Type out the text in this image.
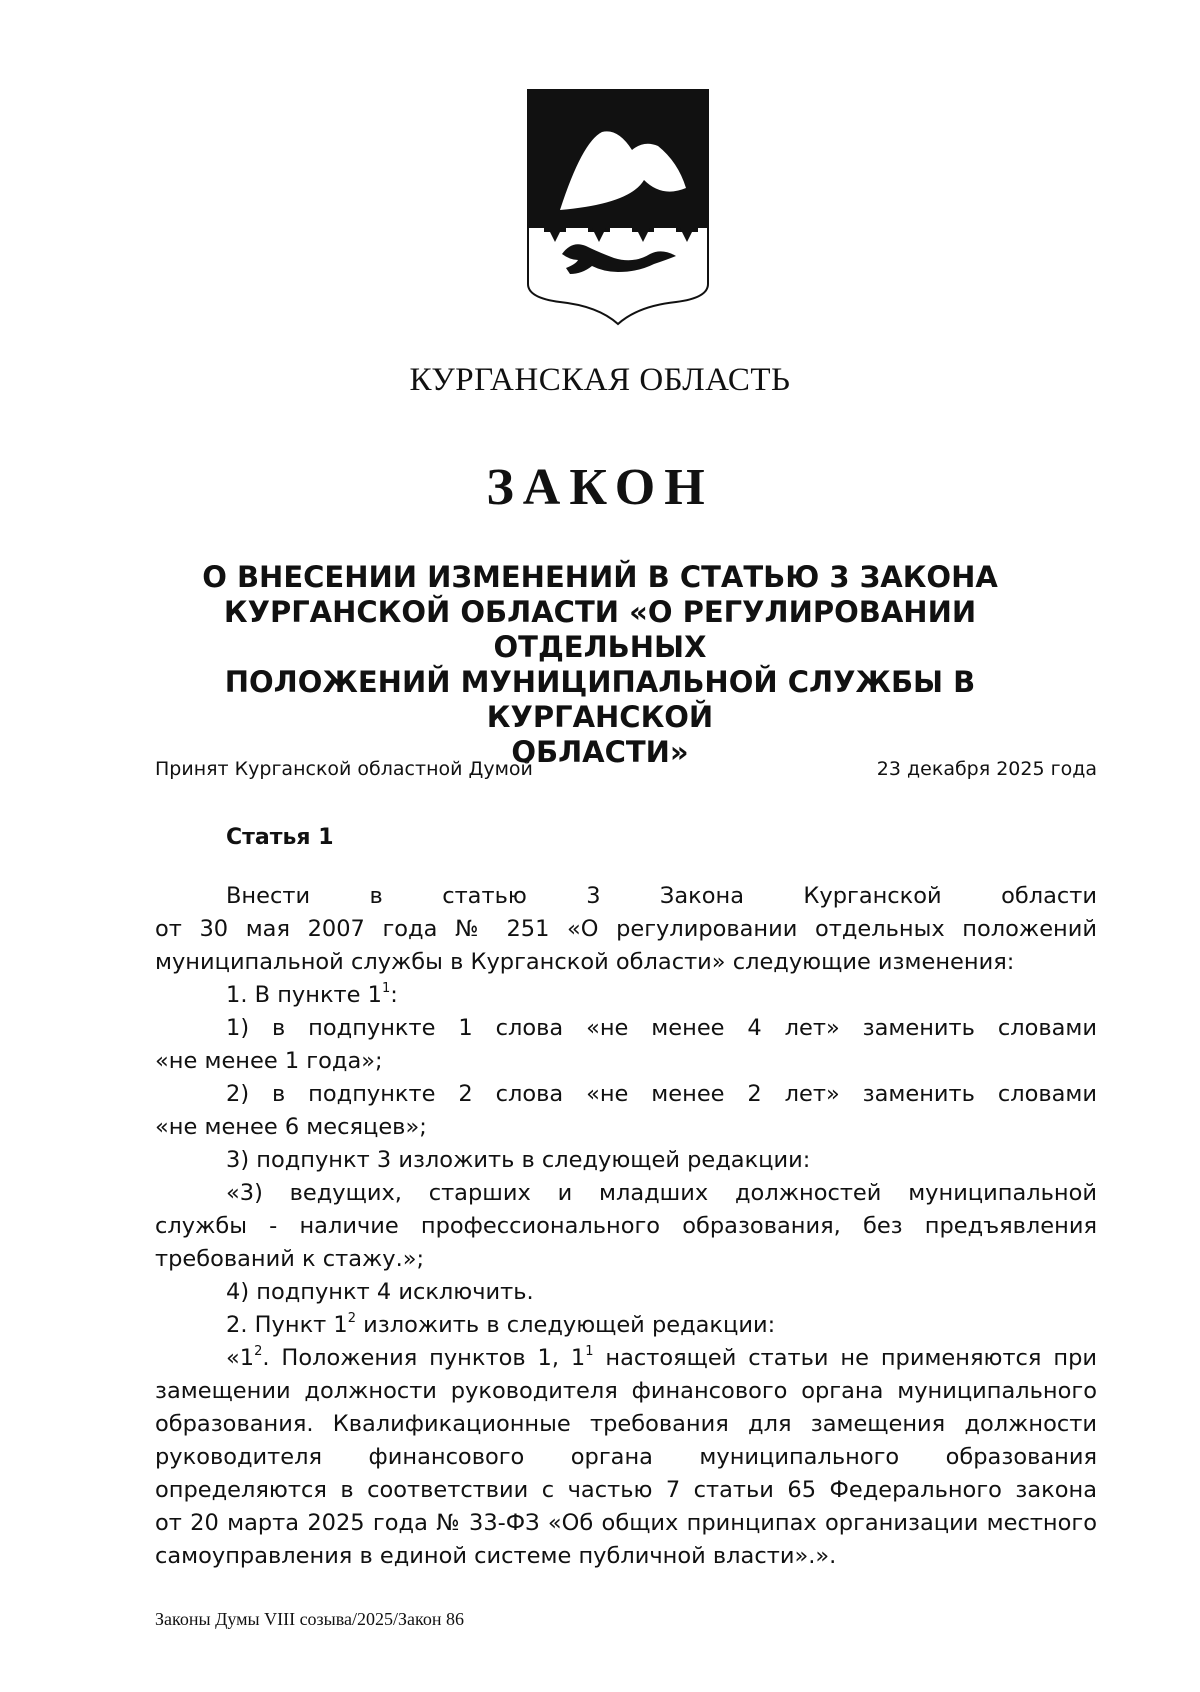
КУРГАНСКАЯ ОБЛАСТЬ
ЗАКОН
О ВНЕСЕНИИ ИЗМЕНЕНИЙ В СТАТЬЮ 3 ЗАКОНА
КУРГАНСКОЙ ОБЛАСТИ «О РЕГУЛИРОВАНИИ ОТДЕЛЬНЫХ
ПОЛОЖЕНИЙ МУНИЦИПАЛЬНОЙ СЛУЖБЫ В КУРГАНСКОЙ
ОБЛАСТИ»
Принят Курганской областной Думой	23 декабря 2025 года
Статья 1
Внести в статью 3 Закона Курганской области
от 30 мая 2007 года № 251 «О регулировании отдельных положений
муниципальной службы в Курганской области» следующие изменения:
1. В пункте $1^1$:
1) в подпункте 1 слова «не менее 4 лет» заменить словами
«не менее 1 года»;
2) в подпункте 2 слова «не менее 2 лет» заменить словами
«не менее 6 месяцев»;
3) подпункт 3 изложить в следующей редакции:
«3) ведущих, старших и младших должностей муниципальной
службы - наличие профессионального образования, без предъявления
требований к стажу.»;
4) подпункт 4 исключить.
2. Пункт $1^2$ изложить в следующей редакции:
«$1^2$. Положения пунктов 1, $1^1$ настоящей статьи не применяются при
замещении должности руководителя финансового органа муниципального
образования. Квалификационные требования для замещения должности
руководителя финансового органа муниципального образования
определяются в соответствии с частью 7 статьи 65 Федерального закона
от 20 марта 2025 года № 33-ФЗ «Об общих принципах организации местного
самоуправления в единой системе публичной власти».».
Законы Думы VIII созыва/2025/Закон 86
